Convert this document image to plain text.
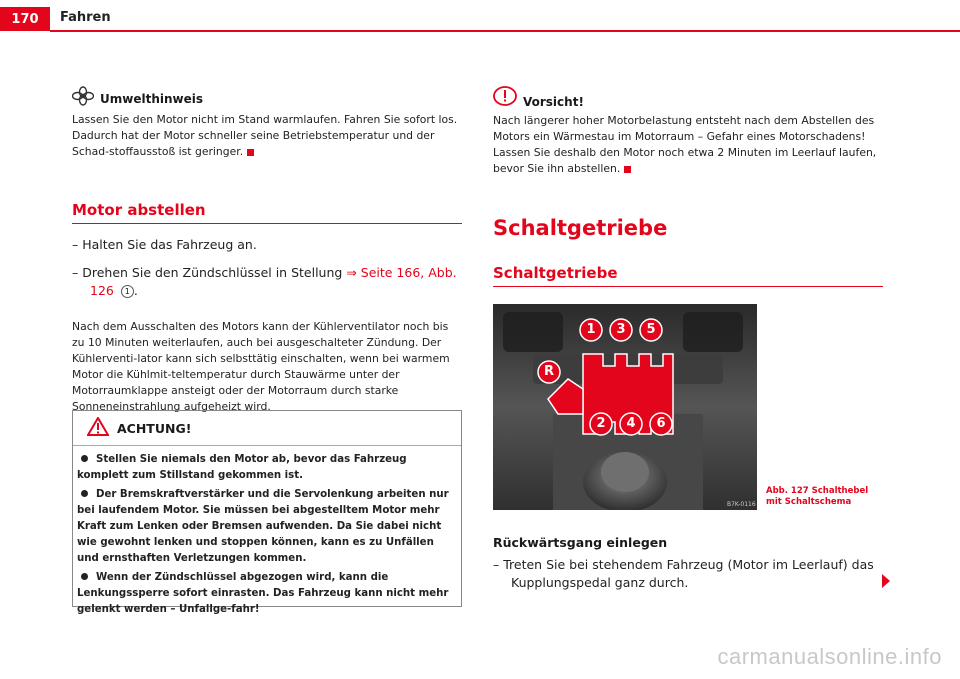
170	Fahren
Umwelthinweis

Lassen Sie den Motor nicht im Stand warmlaufen. Fahren Sie sofort los. Dadurch hat der Motor schneller seine Betriebstemperatur und der Schad-stoffausstoß ist geringer.

Motor abstellen

– Halten Sie das Fahrzeug an.

– Drehen Sie den Zündschlüssel in Stellung ⇒ Seite 166, Abb. 126 1 .

Nach dem Ausschalten des Motors kann der Kühlerventilator noch bis zu 10 Minuten weiterlaufen, auch bei ausgeschalteter Zündung. Der Kühlerventi-lator kann sich selbsttätig einschalten, wenn bei warmem Motor die Kühlmit-teltemperatur durch Stauwärme unter der Motorraumklappe ansteigt oder der Motorraum durch starke Sonneneinstrahlung aufgeheizt wird.

ACHTUNG!
Stellen Sie niemals den Motor ab, bevor das Fahrzeug komplett zum Stillstand gekommen ist.
Der Bremskraftverstärker und die Servolenkung arbeiten nur bei laufendem Motor. Sie müssen bei abgestelltem Motor mehr Kraft zum Lenken oder Bremsen aufwenden. Da Sie dabei nicht wie gewohnt lenken und stoppen können, kann es zu Unfällen und ernsthaften Verletzungen kommen.
Wenn der Zündschlüssel abgezogen wird, kann die Lenkungssperre sofort einrasten. Das Fahrzeug kann nicht mehr gelenkt werden – Unfallge-fahr!
Vorsicht!

Nach längerer hoher Motorbelastung entsteht nach dem Abstellen des Motors ein Wärmestau im Motorraum – Gefahr eines Motorschadens! Lassen Sie deshalb den Motor noch etwa 2 Minuten im Leerlauf laufen, bevor Sie ihn abstellen.

Schaltgetriebe
Schaltgetriebe
B7K-0116
1 3 5
2 4 6
R
Abb. 127 Schalthebel
mit Schaltschema
Rückwärtsgang einlegen

– Treten Sie bei stehendem Fahrzeug (Motor im Leerlauf) das Kupplungspedal ganz durch.

carmanualsonline.info
